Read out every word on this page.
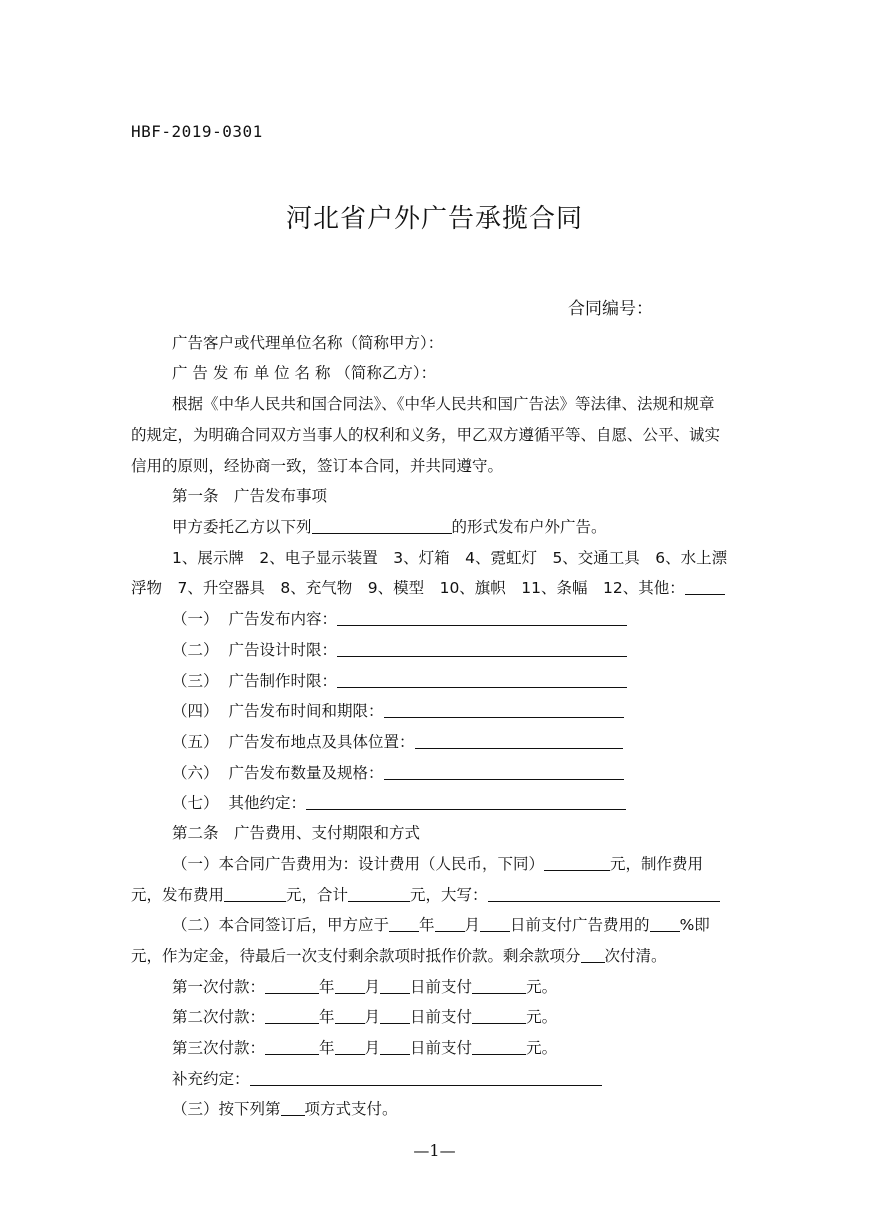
HBF-2019-0301
河北省户外广告承揽合同
合同编号：
广告客户或代理单位名称（简称甲方）：
广 告 发 布 单 位 名 称 （简称乙方）：
根据《中华人民共和国合同法》、《中华人民共和国广告法》等法律、法规和规章
的规定，为明确合同双方当事人的权利和义务，甲乙双方遵循平等、自愿、公平、诚实
信用的原则，经协商一致，签订本合同，并共同遵守。
第一条　广告发布事项
甲方委托乙方以下列	的形式发布户外广告。
1、展示牌　2、电子显示装置　3、灯箱　4、霓虹灯　5、交通工具　6、水上漂
浮物　7、升空器具　8、充气物　9、模型　10、旗帜　11、条幅　12、其他：
（一） 广告发布内容：
（二） 广告设计时限：
（三） 广告制作时限：
（四） 广告发布时间和期限：
（五） 广告发布地点及具体位置：
（六） 广告发布数量及规格：
（七） 其他约定：
第二条　广告费用、支付期限和方式
（一）本合同广告费用为：设计费用（人民币，下同）	元，制作费用
元，发布费用	元，合计	元，大写：
（二）本合同签订后，甲方应于 年 月 日前支付广告费用的 %即
元，作为定金，待最后一次支付剩余款项时抵作价款。剩余款项分 次付清。
第一次付款：	年 月 日前支付	元。
第二次付款：	年 月 日前支付	元。
第三次付款：	年 月 日前支付	元。
补充约定：
（三）按下列第 项方式支付。
—1—
